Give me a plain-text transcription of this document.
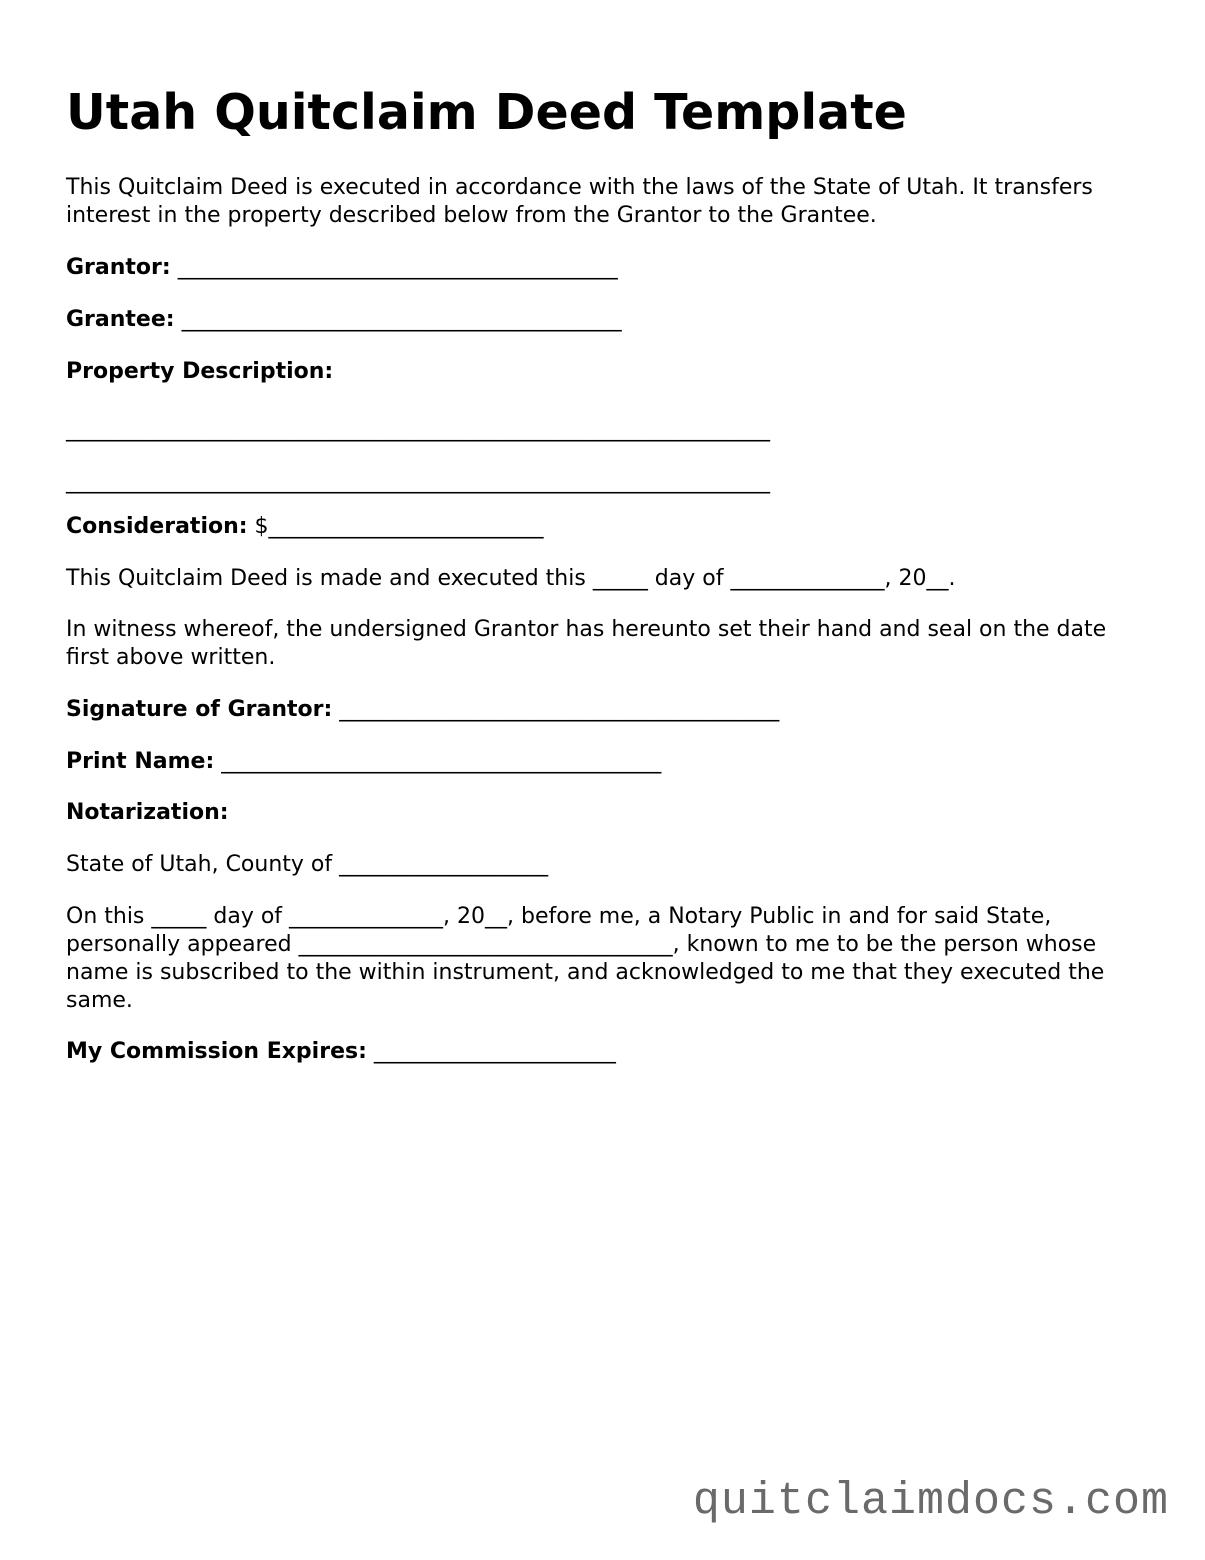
Utah Quitclaim Deed Template

This Quitclaim Deed is executed in accordance with the laws of the State of Utah. It transfers interest in the property described below from the Grantor to the Grantee.

Grantor: ________________________________________

Grantee: ________________________________________

Property Description:

________________________________________________________________

________________________________________________________________

Consideration: $_________________________

This Quitclaim Deed is made and executed this _____ day of ______________, 20__.

In witness whereof, the undersigned Grantor has hereunto set their hand and seal on the date first above written.

Signature of Grantor: ________________________________________

Print Name: ________________________________________

Notarization:

State of Utah, County of ___________________

On this _____ day of ______________, 20__, before me, a Notary Public in and for said State, personally appeared __________________________________, known to me to be the person whose name is subscribed to the within instrument, and acknowledged to me that they executed the same.

My Commission Expires: ______________________

quitclaimdocs.com
